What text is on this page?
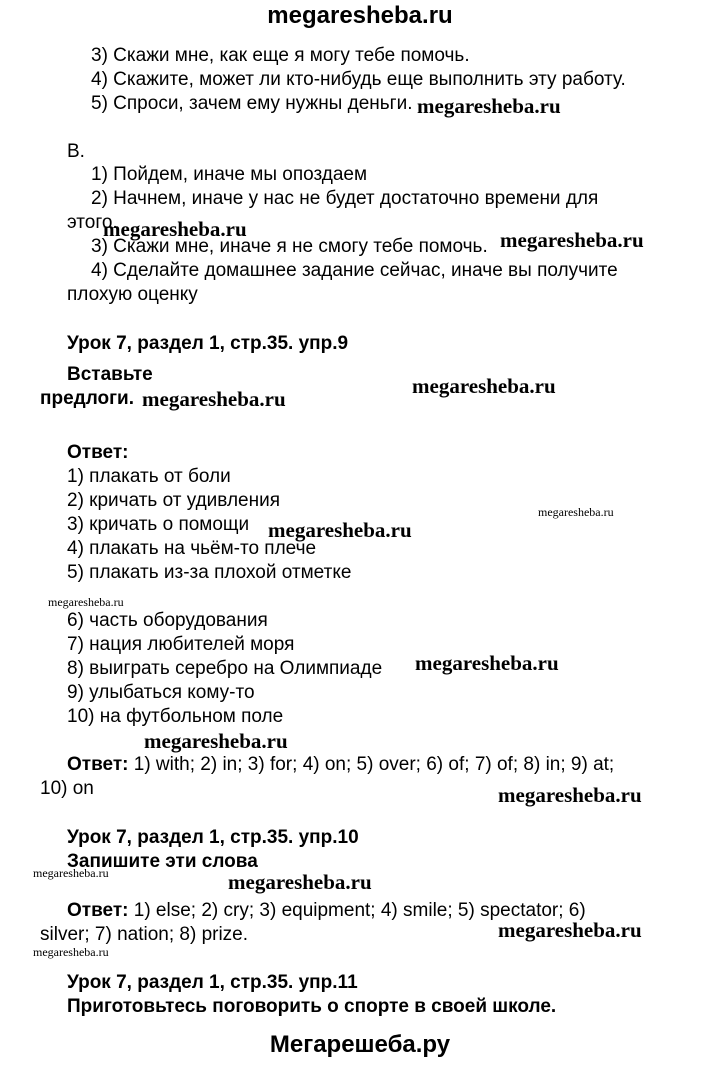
megaresheba.ru
3) Скажи мне, как еще я могу тебе помочь.
4) Скажите, может ли кто-нибудь еще выполнить эту работу.
5) Спроси, зачем ему нужны деньги. megaresheba.ru
B.
1) Пойдем, иначе мы опоздаем
2) Начнем, иначе у нас не будет достаточно времени для
этого.
megaresheba.ru
3) Скажи мне, иначе я не смогу тебе помочь. megaresheba.ru
4) Сделайте домашнее задание сейчас, иначе вы получите
плохую оценку
Урок 7, раздел 1, стр.35. упр.9
Вставьте
предлоги. megaresheba.ru
megaresheba.ru
Ответ:
1) плакать от боли
2) кричать от удивления
3) кричать о помощи megaresheba.ru
megaresheba.ru
4) плакать на чьём-то плече
5) плакать из-за плохой отметке
megaresheba.ru
6) часть оборудования
7) нация любителей моря
8) выиграть серебро на Олимпиаде megaresheba.ru
9) улыбаться кому-то
10) на футбольном поле
megaresheba.ru
Ответ: 1) with; 2) in; 3) for; 4) on; 5) over; 6) of; 7) of; 8) in; 9) at;
10) on	megaresheba.ru
Урок 7, раздел 1, стр.35. упр.10
Запишите эти слова
megaresheba.ru	megaresheba.ru
Ответ: 1) else; 2) cry; 3) equipment; 4) smile; 5) spectator; 6)
silver; 7) nation; 8) prize.	megaresheba.ru
megaresheba.ru
Урок 7, раздел 1, стр.35. упр.11
Приготовьтесь поговорить о спорте в своей школе.
Мегарешеба.ру
